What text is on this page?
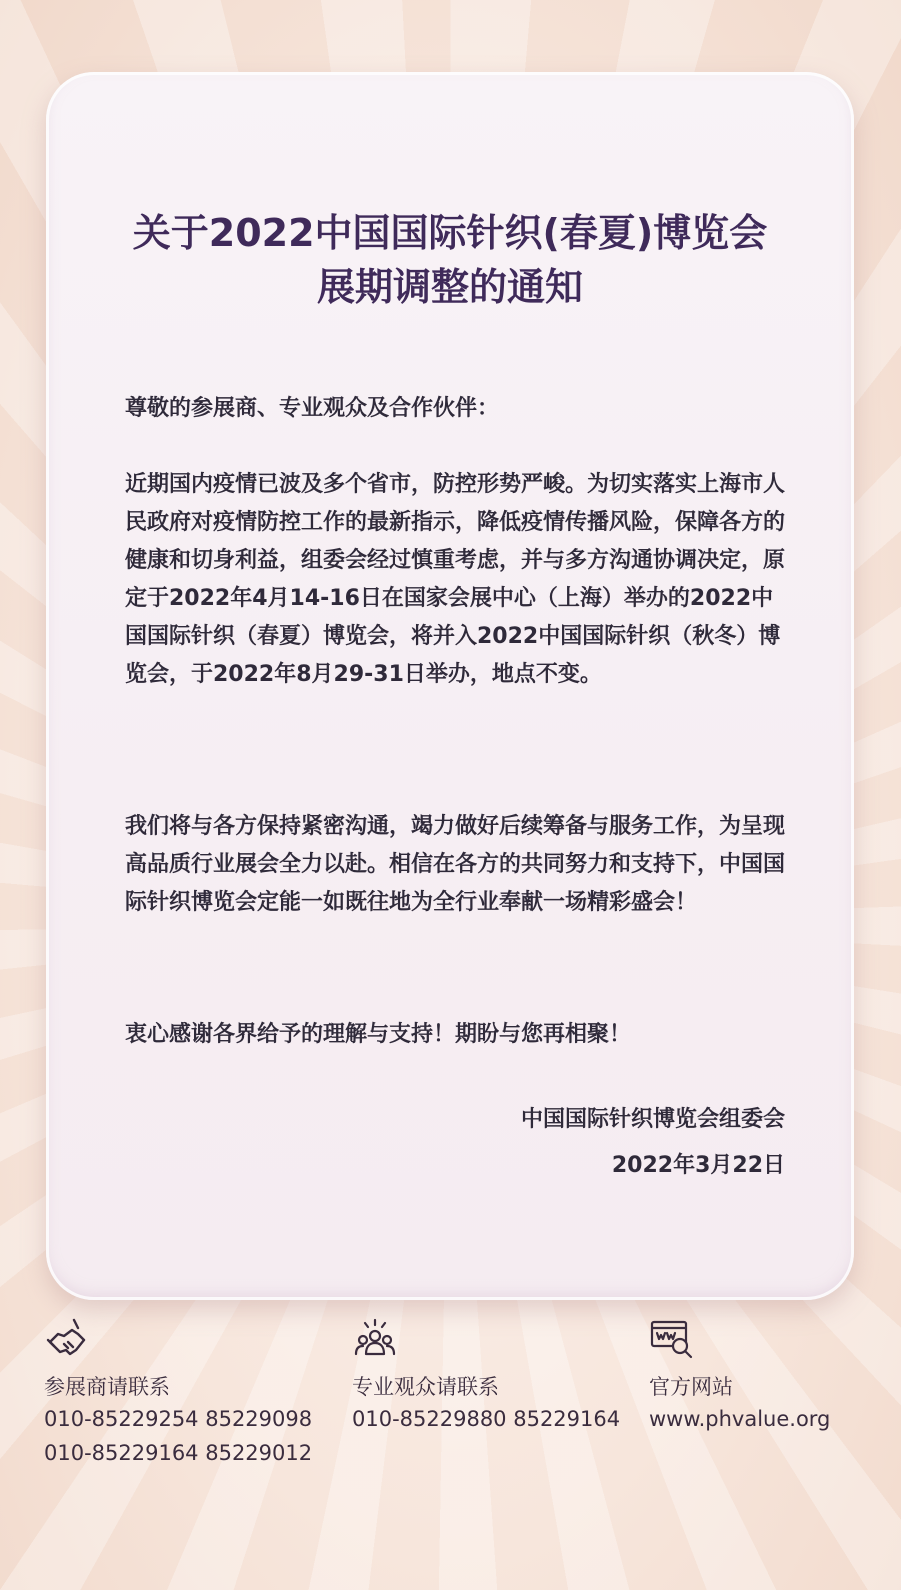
关于2022中国国际针织(春夏)博览会
展期调整的通知
尊敬的参展商、专业观众及合作伙伴：
近期国内疫情已波及多个省市，防控形势严峻。为切实落实上海市人民政府对疫情防控工作的最新指示，降低疫情传播风险，保障各方的健康和切身利益，组委会经过慎重考虑，并与多方沟通协调决定，原定于2022年4月14-16日在国家会展中心（上海）举办的2022中国国际针织（春夏）博览会，将并入2022中国国际针织（秋冬）博览会，于2022年8月29-31日举办，地点不变。
我们将与各方保持紧密沟通，竭力做好后续筹备与服务工作，为呈现高品质行业展会全力以赴。相信在各方的共同努力和支持下，中国国际针织博览会定能一如既往地为全行业奉献一场精彩盛会！
衷心感谢各界给予的理解与支持！期盼与您再相聚！
中国国际针织博览会组委会
2022年3月22日
参展商请联系
010-85229254 85229098
010-85229164 85229012
专业观众请联系
010-85229880 85229164
官方网站
www.phvalue.org
